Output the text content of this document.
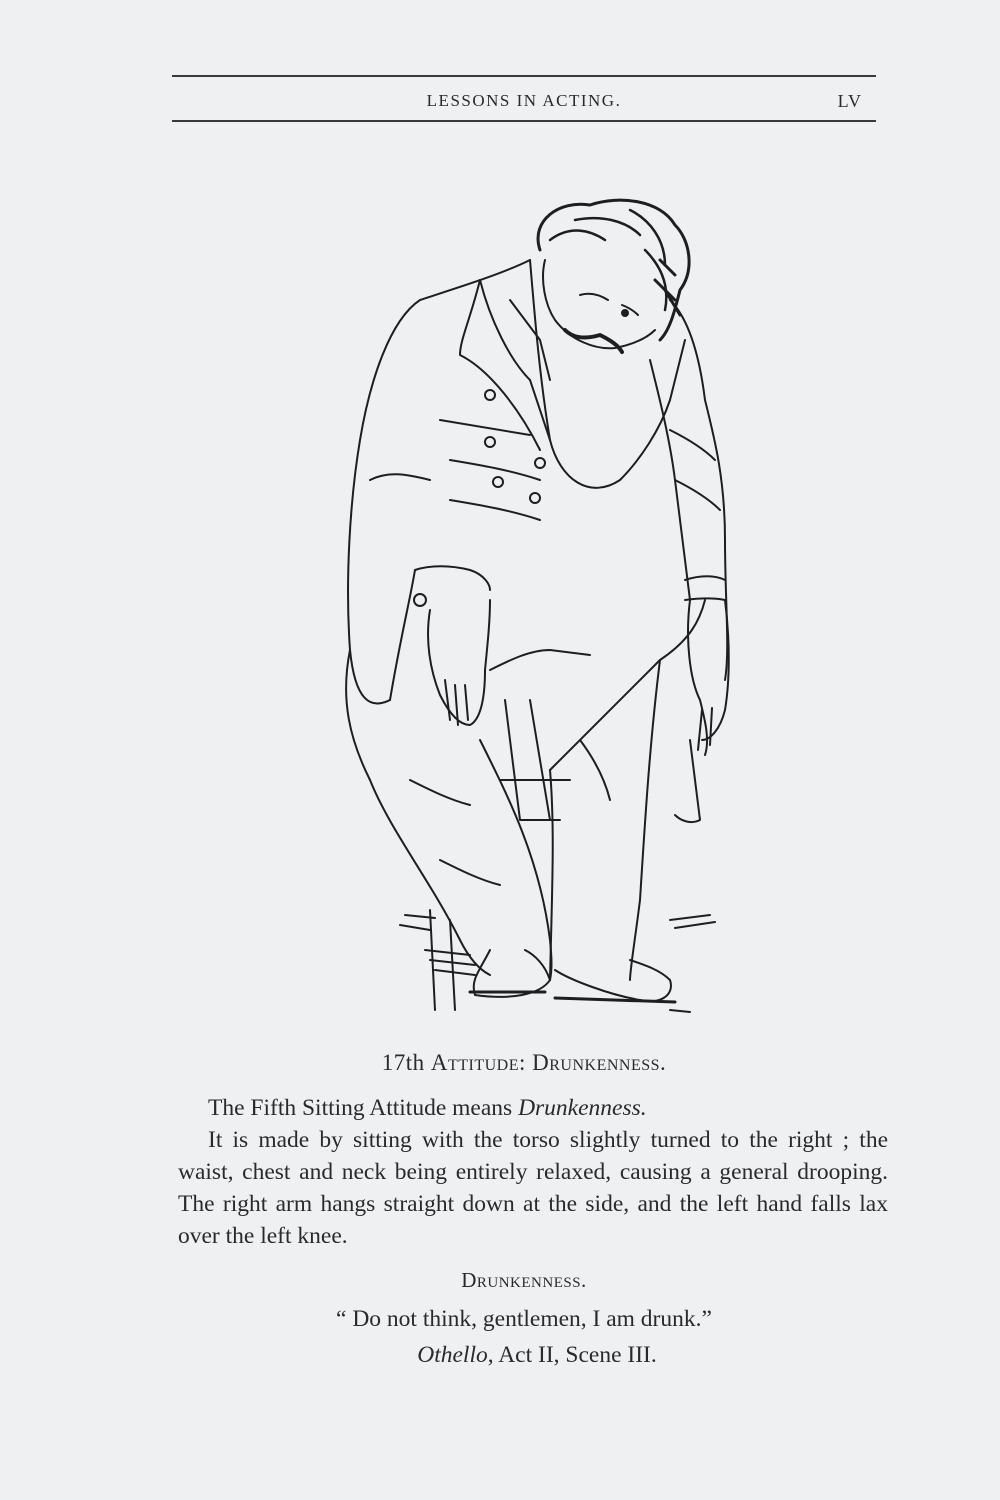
LESSONS IN ACTING.	LV
17th Attitude: Drunkenness.

The Fifth Sitting Attitude means Drunkenness.

It is made by sitting with the torso slightly turned to the right ; the waist, chest and neck being entirely relaxed, causing a general drooping. The right arm hangs straight down at the side, and the left hand falls lax over the left knee.

Drunkenness.
“ Do not think, gentlemen, I am drunk.”
Othello, Act II, Scene III.
